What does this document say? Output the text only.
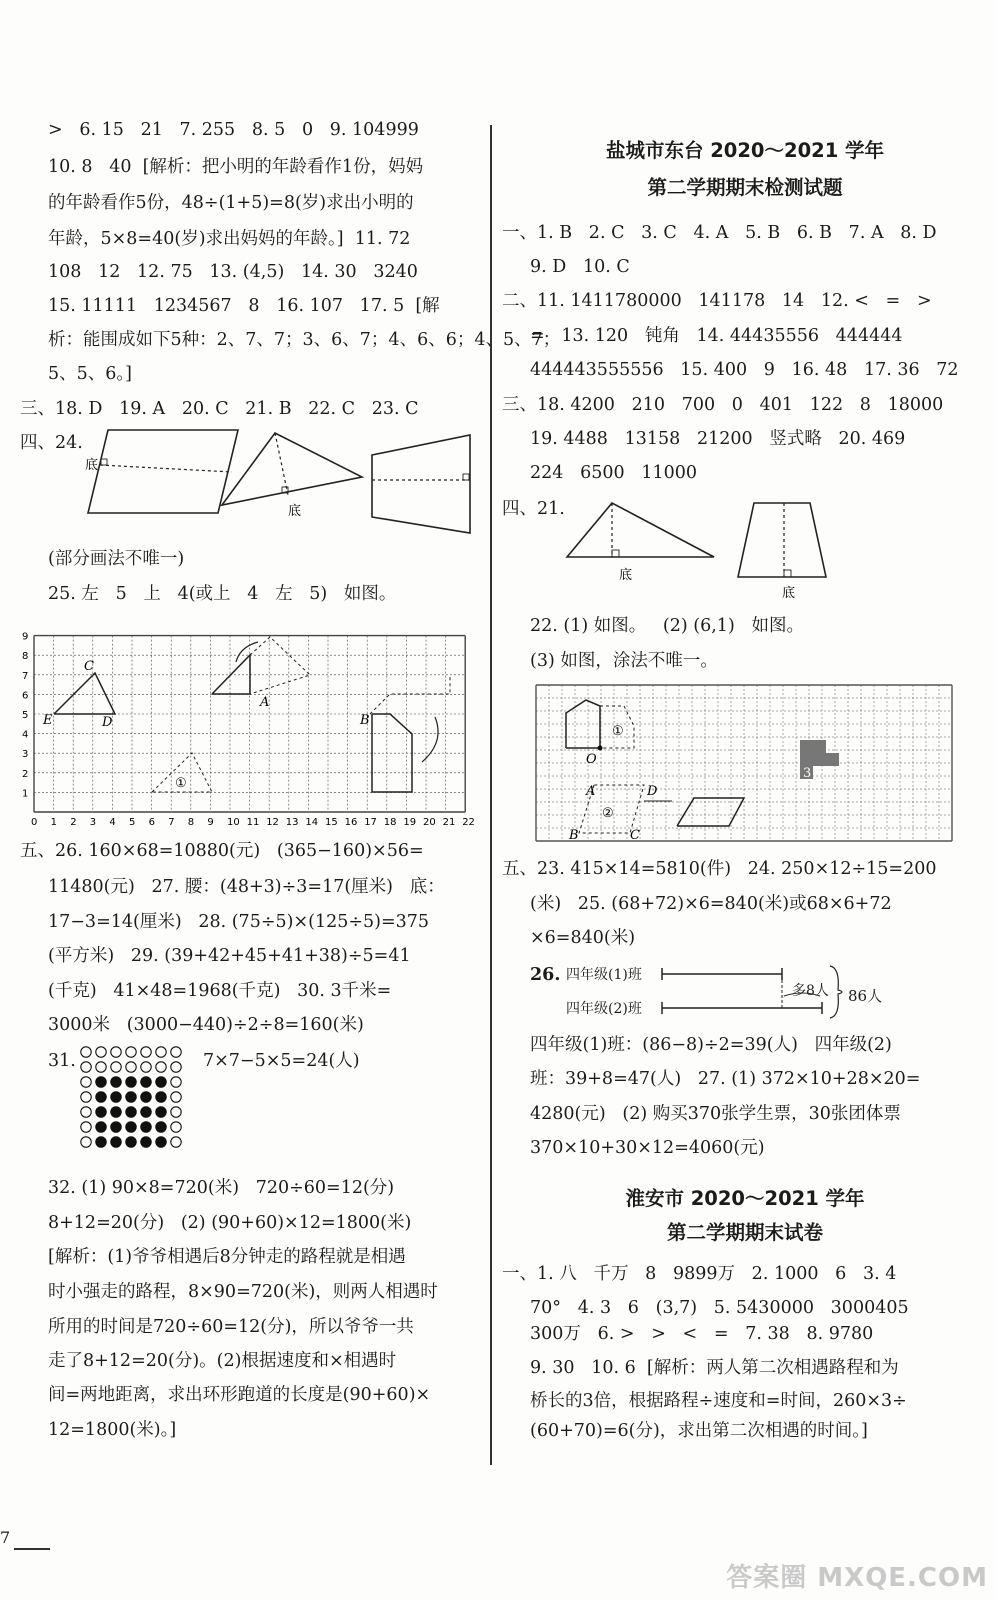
>   6. 15   21   7. 255   8. 5   0   9. 104999
10. 8   40  [解析：把小明的年龄看作1份，妈妈
的年龄看作5份，48÷(1+5)=8(岁)求出小明的
年龄，5×8=40(岁)求出妈妈的年龄。]  11. 72
108   12   12. 75   13. (4,5)   14. 30   3240
15. 11111   1234567   8   16. 107   17. 5  [解
析：能围成如下5种：2、7、7；3、6、7；4、6、6；4、5、7；
5、5、6。]
三、18. D   19. A   20. C   21. B   22. C   23. C
四、24.
底
底
(部分画法不唯一)
25. 左   5   上   4(或上   4   左   5)   如图。
0 1 2 3 4 5 6 7 8 9 10 11 12 13 14 15 16 17 18 19 20 21 22
1
2
3
4
5
6
7
8
9
C
E	D
A
B
①
五、26. 160×68=10880(元)   (365−160)×56=
11480(元)   27. 腰：(48+3)÷3=17(厘米)   底：
17−3=14(厘米)   28. (75÷5)×(125÷5)=375
(平方米)   29. (39+42+45+41+38)÷5=41
(千克)   41×48=1968(千克)   30. 3千米=
3000米   (3000−440)÷2÷8=160(米)
31.	7×7−5×5=24(人)
32. (1) 90×8=720(米)   720÷60=12(分)
8+12=20(分)   (2) (90+60)×12=1800(米)
[解析：(1)爷爷相遇后8分钟走的路程就是相遇
时小强走的路程，8×90=720(米)，则两人相遇时
所用的时间是720÷60=12(分)，所以爷爷一共
走了8+12=20(分)。(2)根据速度和×相遇时
间=两地距离，求出环形跑道的长度是(90+60)×
12=1800(米)。]
盐城市东台 2020～2021 学年
第二学期期末检测试题
一、1. B   2. C   3. C   4. A   5. B   6. B   7. A   8. D
9. D   10. C
二、11. 1411780000   141178   14   12. <   =   >
=   13. 120   钝角   14. 44435556   444444
444443555556   15. 400   9   16. 48   17. 36   72
三、18. 4200   210   700   0   401   122   8   18000
19. 4488   13158   21200   竖式略   20. 469
224   6500   11000
四、21.
底
底
22. (1) 如图。   (2) (6,1)   如图。
(3) 如图，涂法不唯一。
3
O
①
A	D
②
B	C
五、23. 415×14=5810(件)   24. 250×12÷15=200
(米)   25. (68+72)×6=840(米)或68×6+72
×6=840(米)
26. 四年级(1)班
四年级(2)班
多8人 86人
四年级(1)班：(86−8)÷2=39(人)   四年级(2)
班：39+8=47(人)   27. (1) 372×10+28×20=
4280(元)   (2) 购买370张学生票，30张团体票
370×10+30×12=4060(元)
淮安市 2020～2021 学年
第二学期期末试卷
一、1. 八   千万   8   9899万   2. 1000   6   3. 4
70°   4. 3   6   (3,7)   5. 5430000   3000405
300万   6. >   >   <   =   7. 38   8. 9780
9. 30   10. 6  [解析：两人第二次相遇路程和为
桥长的3倍，根据路程÷速度和=时间，260×3÷
(60+70)=6(分)，求出第二次相遇的时间。]
7
答案圈 MXQE.COM
